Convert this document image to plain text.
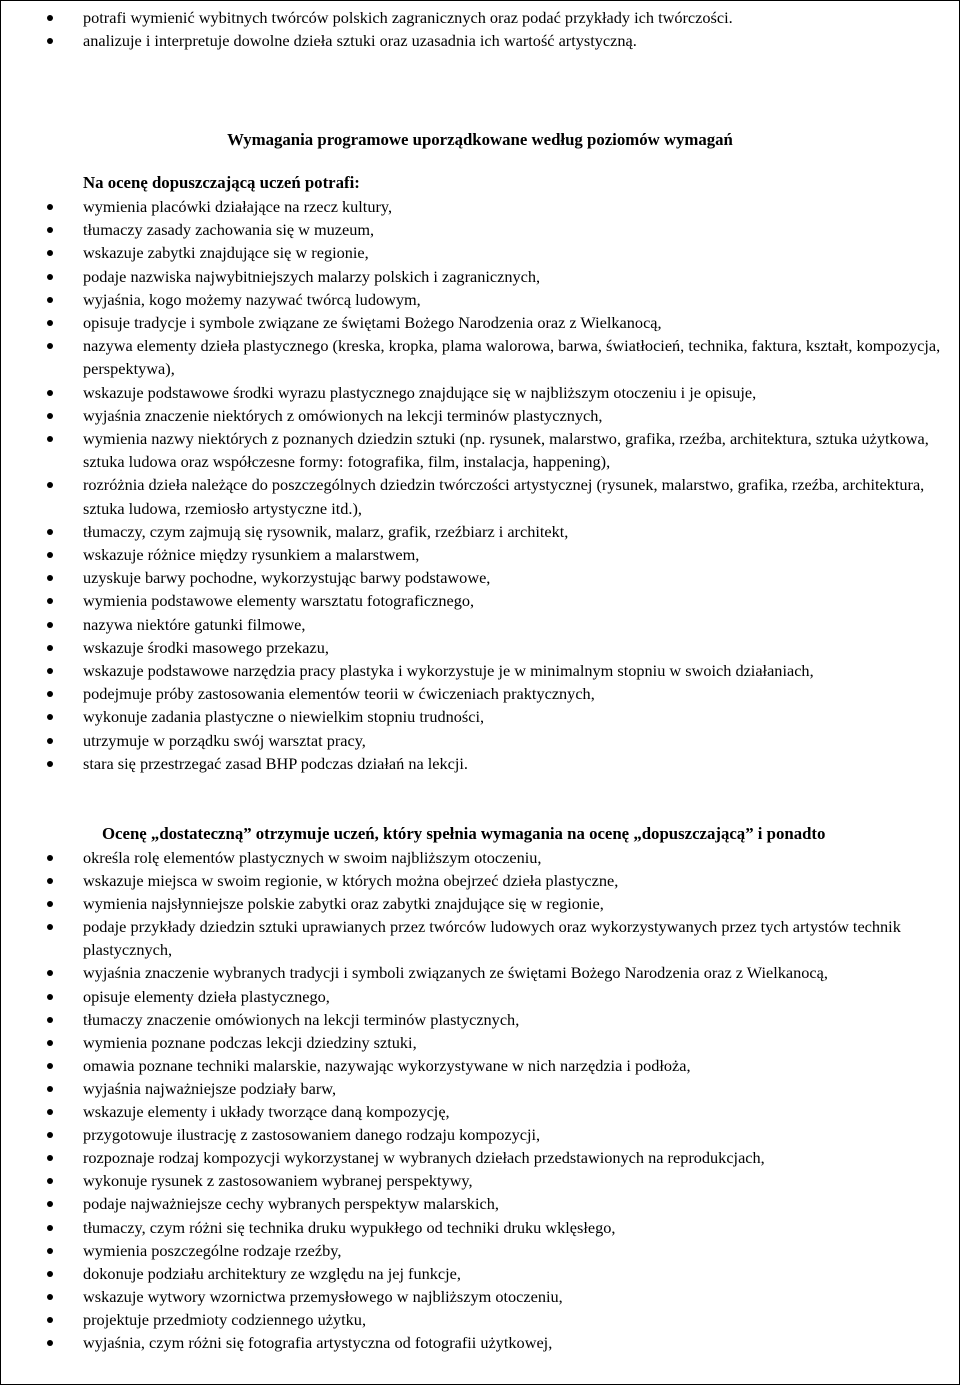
potrafi wymienić wybitnych twórców polskich zagranicznych oraz podać przykłady ich twórczości.
analizuje i interpretuje dowolne dzieła sztuki oraz uzasadnia ich wartość artystyczną.
Wymagania programowe uporządkowane według poziomów wymagań
Na ocenę dopuszczającą uczeń potrafi:
wymienia placówki działające na rzecz kultury,
tłumaczy zasady zachowania się w muzeum,
wskazuje zabytki znajdujące się w regionie,
podaje nazwiska najwybitniejszych malarzy polskich i zagranicznych,
wyjaśnia, kogo możemy nazywać twórcą ludowym,
opisuje tradycje i symbole związane ze świętami Bożego Narodzenia oraz z Wielkanocą,
nazywa elementy dzieła plastycznego (kreska, kropka, plama walorowa, barwa, światłocień, technika, faktura, kształt, kompozycja, perspektywa),
wskazuje podstawowe środki wyrazu plastycznego znajdujące się w najbliższym otoczeniu i je opisuje,
wyjaśnia znaczenie niektórych z omówionych na lekcji terminów plastycznych,
wymienia nazwy niektórych z poznanych dziedzin sztuki (np. rysunek, malarstwo, grafika, rzeźba, architektura, sztuka użytkowa, sztuka ludowa oraz współczesne formy: fotografika, film, instalacja, happening),
rozróżnia dzieła należące do poszczególnych dziedzin twórczości artystycznej (rysunek, malarstwo, grafika, rzeźba, architektura, sztuka ludowa, rzemiosło artystyczne itd.),
tłumaczy, czym zajmują się rysownik, malarz, grafik, rzeźbiarz i architekt,
wskazuje różnice między rysunkiem a malarstwem,
uzyskuje barwy pochodne, wykorzystując barwy podstawowe,
wymienia podstawowe elementy warsztatu fotograficznego,
nazywa niektóre gatunki filmowe,
wskazuje środki masowego przekazu,
wskazuje podstawowe narzędzia pracy plastyka i wykorzystuje je w minimalnym stopniu w swoich działaniach,
podejmuje próby zastosowania elementów teorii w ćwiczeniach praktycznych,
wykonuje zadania plastyczne o niewielkim stopniu trudności,
utrzymuje w porządku swój warsztat pracy,
stara się przestrzegać zasad BHP podczas działań na lekcji.
Ocenę „dostateczną” otrzymuje uczeń, który spełnia wymagania na ocenę „dopuszczającą” i ponadto
określa rolę elementów plastycznych w swoim najbliższym otoczeniu,
wskazuje miejsca w swoim regionie, w których można obejrzeć dzieła plastyczne,
wymienia najsłynniejsze polskie zabytki oraz zabytki znajdujące się w regionie,
podaje przykłady dziedzin sztuki uprawianych przez twórców ludowych oraz wykorzystywanych przez tych artystów technik plastycznych,
wyjaśnia znaczenie wybranych tradycji i symboli związanych ze świętami Bożego Narodzenia oraz z Wielkanocą,
opisuje elementy dzieła plastycznego,
tłumaczy znaczenie omówionych na lekcji terminów plastycznych,
wymienia poznane podczas lekcji dziedziny sztuki,
omawia poznane techniki malarskie, nazywając wykorzystywane w nich narzędzia i podłoża,
wyjaśnia najważniejsze podziały barw,
wskazuje elementy i układy tworzące daną kompozycję,
przygotowuje ilustrację z zastosowaniem danego rodzaju kompozycji,
rozpoznaje rodzaj kompozycji wykorzystanej w wybranych dziełach przedstawionych na reprodukcjach,
wykonuje rysunek z zastosowaniem wybranej perspektywy,
podaje najważniejsze cechy wybranych perspektyw malarskich,
tłumaczy, czym różni się technika druku wypukłego od techniki druku wklęsłego,
wymienia poszczególne rodzaje rzeźby,
dokonuje podziału architektury ze względu na jej funkcje,
wskazuje wytwory wzornictwa przemysłowego w najbliższym otoczeniu,
projektuje przedmioty codziennego użytku,
wyjaśnia, czym różni się fotografia artystyczna od fotografii użytkowej,
